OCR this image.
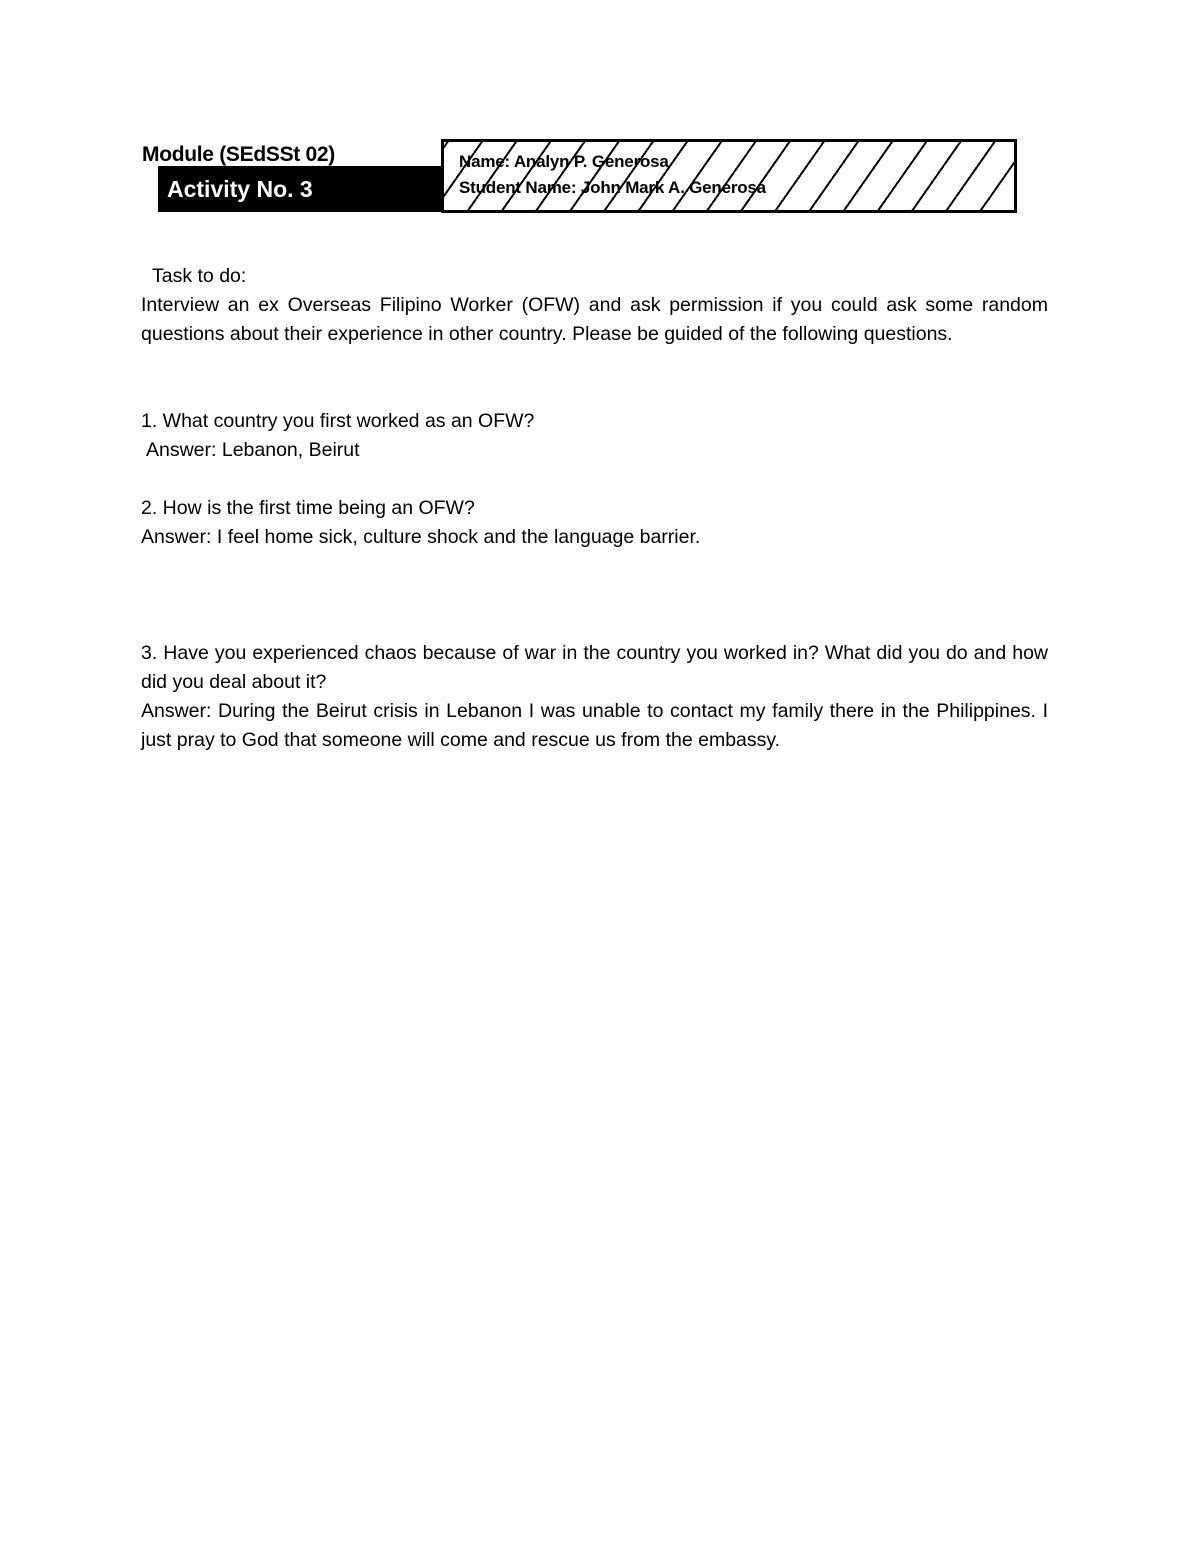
Module (SEdSSt 02)
Activity No. 3
Name: Analyn P. Generosa
Student Name: John Mark A. Generosa

Task to do:

Interview an ex Overseas Filipino Worker (OFW) and ask permission if you could ask some random questions about their experience in other country. Please be guided of the following questions.

1. What country you first worked as an OFW?

Answer: Lebanon, Beirut

2. How is the first time being an OFW?

Answer: I feel home sick, culture shock and the language barrier.

3. Have you experienced chaos because of war in the country you worked in? What did you do and how did you deal about it?

Answer: During the Beirut crisis in Lebanon I was unable to contact my family there in the Philippines. I just pray to God that someone will come and rescue us from the embassy.
